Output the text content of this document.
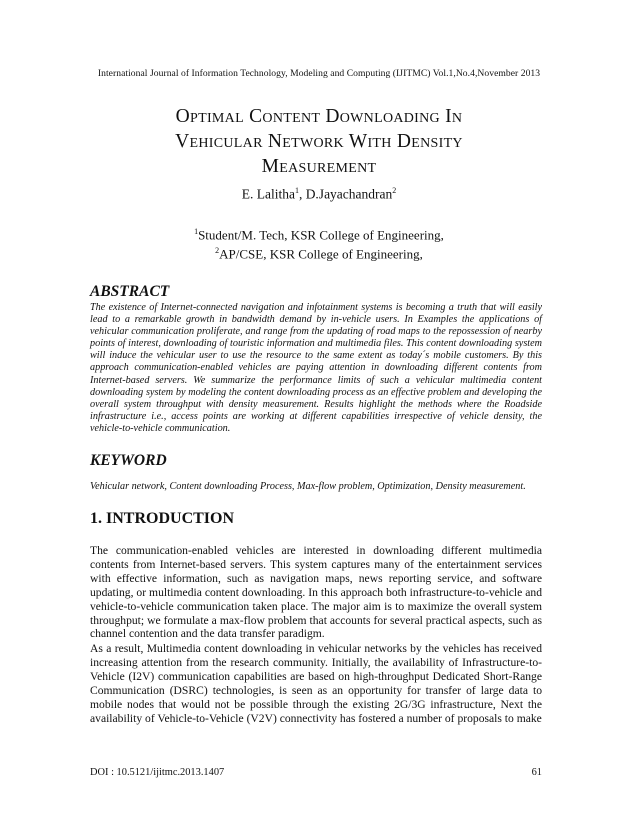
International Journal of Information Technology, Modeling and Computing (IJITMC) Vol.1,No.4,November 2013
Optimal Content Downloading In
Vehicular Network With Density
Measurement
E. Lalitha$^1$, D.Jayachandran$^2$
$^1$Student/M. Tech, KSR College of Engineering,
$^2$AP/CSE, KSR College of Engineering,
ABSTRACT

The existence of Internet-connected navigation and infotainment systems is becoming a truth that will easily lead to a remarkable growth in bandwidth demand by in-vehicle users. In Examples the applications of vehicular communication proliferate, and range from the updating of road maps to the repossession of nearby points of interest, downloading of touristic information and multimedia files. This content downloading system will induce the vehicular user to use the resource to the same extent as today´s mobile customers. By this approach communication-enabled vehicles are paying attention in downloading different contents from Internet-based servers. We summarize the performance limits of such a vehicular multimedia content downloading system by modeling the content downloading process as an effective problem and developing the overall system throughput with density measurement. Results highlight the methods where the Roadside infrastructure i.e., access points are working at different capabilities irrespective of vehicle density, the vehicle-to-vehicle communication.

KEYWORD

Vehicular network, Content downloading Process, Max-flow problem, Optimization, Density measurement.

1. INTRODUCTION

The communication-enabled vehicles are interested in downloading different multimedia contents from Internet-based servers. This system captures many of the entertainment services with effective information, such as navigation maps, news reporting service, and software updating, or multimedia content downloading. In this approach both infrastructure-to-vehicle and vehicle-to-vehicle communication taken place. The major aim is to maximize the overall system throughput; we formulate a max-flow problem that accounts for several practical aspects, such as channel contention and the data transfer paradigm.

As a result, Multimedia content downloading in vehicular networks by the vehicles has received increasing attention from the research community. Initially, the availability of Infrastructure-to-Vehicle (I2V) communication capabilities are based on high-throughput Dedicated Short-Range Communication (DSRC) technologies, is seen as an opportunity for transfer of large data to mobile nodes that would not be possible through the existing 2G/3G infrastructure, Next the availability of Vehicle-to-Vehicle (V2V) connectivity has fostered a number of proposals to make

DOI : 10.5121/ijitmc.2013.1407	61
